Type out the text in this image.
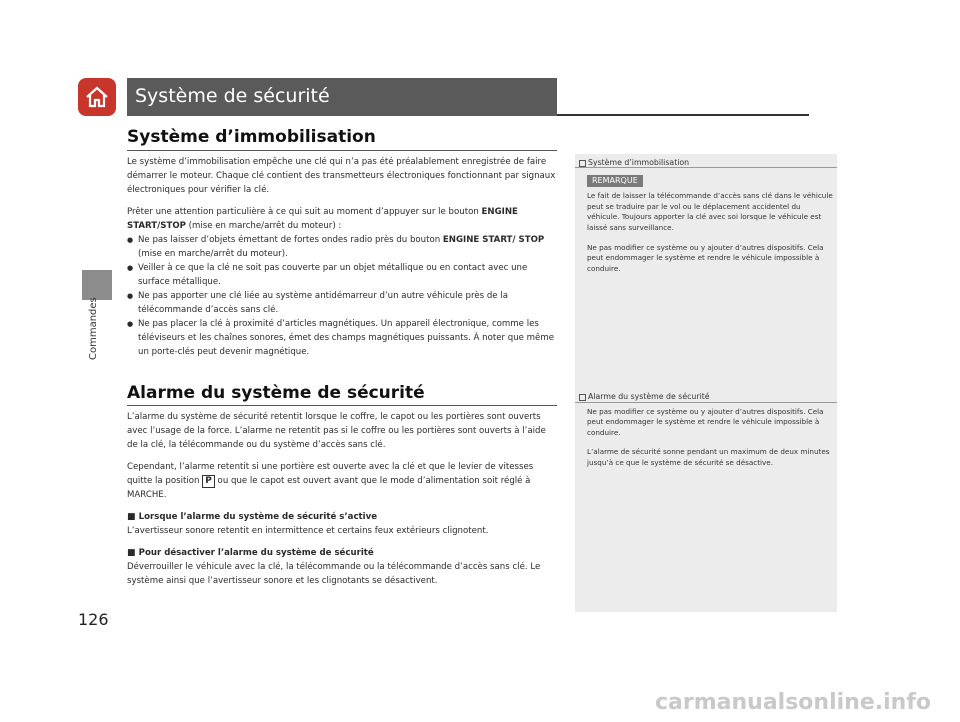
Système de sécurité
Commandes
126
Système d’immobilisation

Le système d’immobilisation empêche une clé qui n’a pas été préalablement enregistrée de faire démarrer le moteur. Chaque clé contient des transmetteurs électroniques fonctionnant par signaux électroniques pour vérifier la clé.

Prêter une attention particulière à ce qui suit au moment d’appuyer sur le bouton ENGINE START/STOP (mise en marche/arrêt du moteur) :

● Ne pas laisser d’objets émettant de fortes ondes radio près du bouton ENGINE START/ STOP (mise en marche/arrêt du moteur).
● Veiller à ce que la clé ne soit pas couverte par un objet métallique ou en contact avec une surface métallique.
● Ne pas apporter une clé liée au système antidémarreur d’un autre véhicule près de la télécommande d’accès sans clé.
● Ne pas placer la clé à proximité d’articles magnétiques. Un appareil électronique, comme les téléviseurs et les chaînes sonores, émet des champs magnétiques puissants. À noter que même un porte-clés peut devenir magnétique.
Alarme du système de sécurité

L’alarme du système de sécurité retentit lorsque le coffre, le capot ou les portières sont ouverts avec l’usage de la force. L’alarme ne retentit pas si le coffre ou les portières sont ouverts à l’aide de la clé, la télécommande ou du système d’accès sans clé.

Cependant, l’alarme retentit si une portière est ouverte avec la clé et que le levier de vitesses quitte la position P ou que le capot est ouvert avant que le mode d’alimentation soit réglé à MARCHE.

■ Lorsque l’alarme du système de sécurité s’active

L’avertisseur sonore retentit en intermittence et certains feux extérieurs clignotent.

■ Pour désactiver l’alarme du système de sécurité

Déverrouiller le véhicule avec la clé, la télécommande ou la télécommande d’accès sans clé. Le système ainsi que l’avertisseur sonore et les clignotants se désactivent.

Système d’immobilisation
REMARQUE

Le fait de laisser la télécommande d’accès sans clé dans le véhicule peut se traduire par le vol ou le déplacement accidentel du véhicule. Toujours apporter la clé avec soi lorsque le véhicule est laissé sans surveillance.

Ne pas modifier ce système ou y ajouter d’autres dispositifs. Cela peut endommager le système et rendre le véhicule impossible à conduire.

Alarme du système de sécurité

Ne pas modifier ce système ou y ajouter d’autres dispositifs. Cela peut endommager le système et rendre le véhicule impossible à conduire.

L’alarme de sécurité sonne pendant un maximum de deux minutes jusqu’à ce que le système de sécurité se désactive.

carmanualsonline.info
